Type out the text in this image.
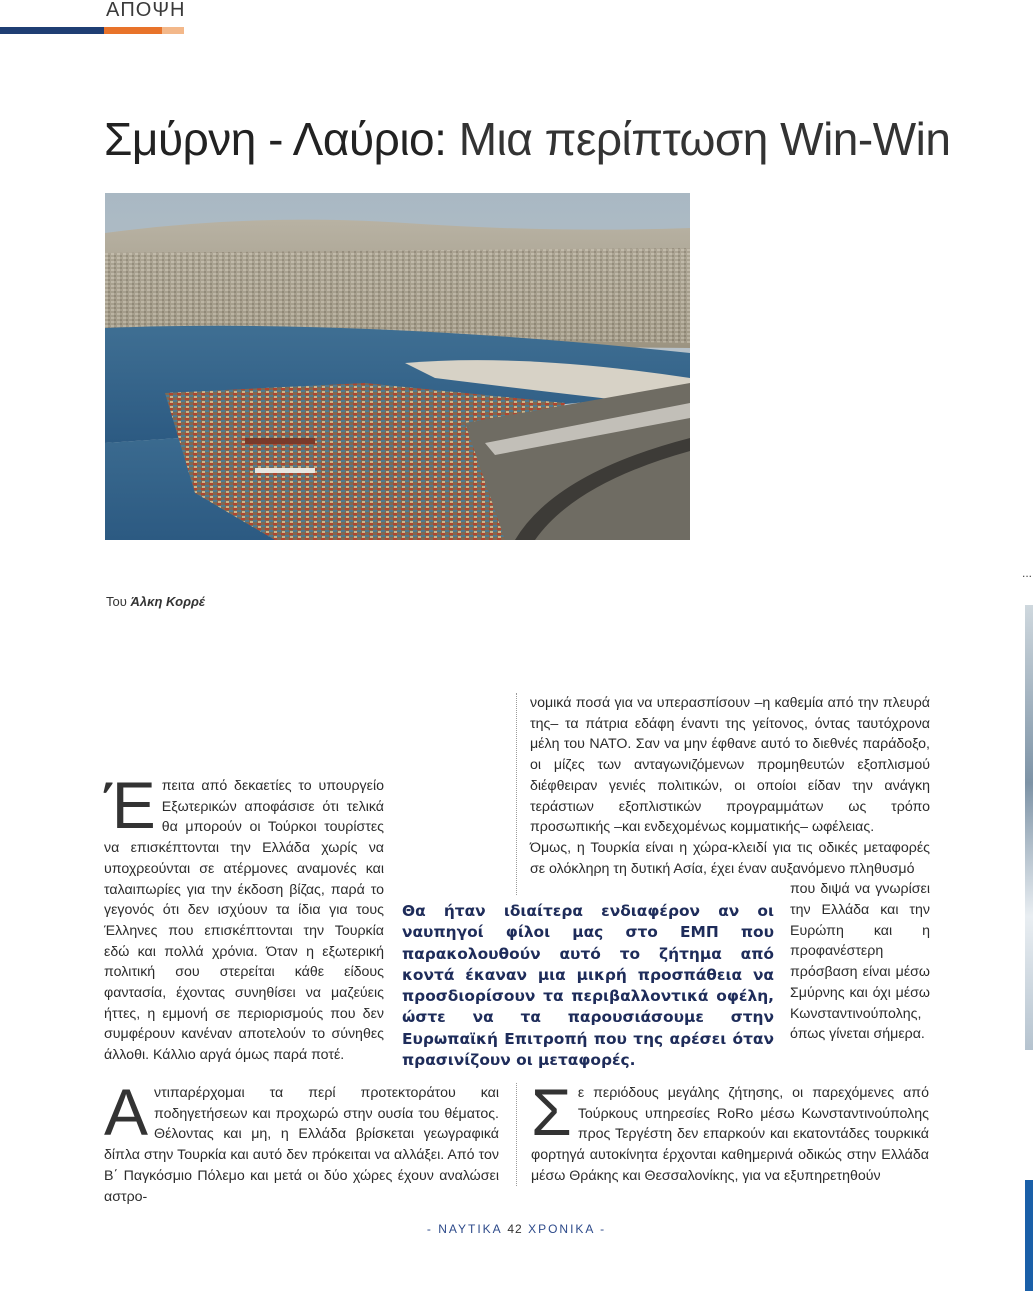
ΑΠΟΨΗ
Σμύρνη - Λαύριο: Μια περίπτωση Win-Win
Του Άλκη Κορρέ
Έ πειτα από δεκαετίες το υπουργείο Εξωτερικών αποφάσισε ότι τελικά θα μπορούν οι Τούρκοι τουρίστες να επισκέπτονται την Ελλάδα χωρίς να υποχρεούνται σε ατέρμονες αναμονές και ταλαιπωρίες για την έκδοση βίζας, παρά το γεγονός ότι δεν ισχύουν τα ίδια για τους Έλληνες που επισκέπτονται την Τουρκία εδώ και πολλά χρόνια. Όταν η εξωτερική πολιτική σου στερείται κάθε είδους φαντασία, έχοντας συνηθίσει να μαζεύεις ήττες, η εμμονή σε περιορισμούς που δεν συμφέρουν κανέναν αποτελούν το σύνηθες άλλοθι. Κάλλιο αργά όμως παρά ποτέ.

νομικά ποσά για να υπερασπίσουν –η καθεμία από την πλευρά της– τα πάτρια εδάφη έναντι της γείτονος, όντας ταυτόχρονα μέλη του ΝΑΤΟ. Σαν να μην έφθανε αυτό το διεθνές παράδοξο, οι μίζες των ανταγωνιζόμενων προμηθευτών εξοπλισμού διέφθειραν γενιές πολιτικών, οι οποίοι είδαν την ανάγκη τεράστιων εξοπλιστικών προγραμμάτων ως τρόπο προσωπικής –και ενδεχομένως κομματικής– ωφέλειας.

Όμως, η Τουρκία είναι η χώρα-κλειδί για τις οδικές μεταφορές σε ολόκληρη τη δυτική Ασία, έχει έναν αυξανόμενο πληθυσμό

που διψά να γνωρίσει την Ελλάδα και την Ευρώπη και η προφανέστερη πρόσβαση είναι μέσω Σμύρνης και όχι μέσω Κωνσταντινούπολης, όπως γίνεται σήμερα.

Θα ήταν ιδιαίτερα ενδιαφέρον αν οι ναυπηγοί φίλοι μας στο ΕΜΠ που παρακολουθούν αυτό το ζήτημα από κοντά έκαναν μια μικρή προσπάθεια να προσδιορίσουν τα περιβαλλοντικά οφέλη, ώστε να τα παρουσιάσουμε στην Ευρωπαϊκή Επιτροπή που της αρέσει όταν πρασινίζουν οι μεταφορές.

Α ντιπαρέρχομαι τα περί προτεκτοράτου και ποδηγετήσεων και προχωρώ στην ουσία του θέματος. Θέλοντας και μη, η Ελλάδα βρίσκεται γεωγραφικά δίπλα στην Τουρκία και αυτό δεν πρόκειται να αλλάξει. Από τον Β΄ Παγκόσμιο Πόλεμο και μετά οι δύο χώρες έχουν αναλώσει αστρο-

Σ ε περιόδους μεγάλης ζήτησης, οι παρεχόμενες από Τούρκους υπηρεσίες RoRo μέσω Κωνσταντινούπολης προς Τεργέστη δεν επαρκούν και εκατοντάδες τουρκικά φορτηγά αυτοκίνητα έρχονται καθημερινά οδικώς στην Ελλάδα μέσω Θράκης και Θεσσαλονίκης, για να εξυπηρετηθούν

- ΝΑΥΤΙΚΑ 42 ΧΡΟΝΙΚΑ -
...
